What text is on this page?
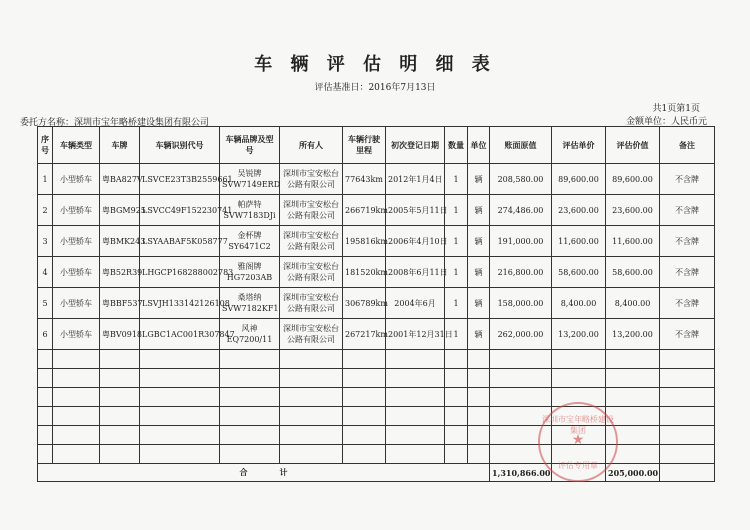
车 辆 评 估 明 细 表
评估基准日：2016年7月13日
共1页第1页
委托方名称：深圳市宝年略桥建设集团有限公司	金额单位：人民币元
序号	车辆类型	车牌	车辆识别代号	车辆品牌及型号	所有人	车辆行驶里程	初次登记日期	数量	单位	账面原值	评估单价	评估价值	备注
1	小型轿车	粤BA827V	LSVCE23T3B2559661	吴锐牌SVW7149ERD	深圳市宝安松台公路有限公司	77643km	2012年1月4日	1	辆	208,580.00	89,600.00	89,600.00	不含牌
2	小型轿车	粤BGM925	LSVCC49F152230741	帕萨特SVW7183DJi	深圳市宝安松台公路有限公司	266719km	2005年5月11日	1	辆	274,486.00	23,600.00	23,600.00	不含牌
3	小型轿车	粤BMK243	LSYAABAF5K058777	金杯牌SY6471C2	深圳市宝安松台公路有限公司	195816km	2006年4月10日	1	辆	191,000.00	11,600.00	11,600.00	不含牌
4	小型轿车	粤B52R39	LHGCP168288002783	雅阁牌HG7203AB	深圳市宝安松台公路有限公司	181520km	2008年6月11日	1	辆	216,800.00	58,600.00	58,600.00	不含牌
5	小型轿车	粤BBF537	LSVJH133142126108	桑塔纳SVW7182KF1	深圳市宝安松台公路有限公司	306789km	2004年6月	1	辆	158,000.00	8,400.00	8,400.00	不含牌
6	小型轿车	粤BV0918	LGBC1AC001R307847	风神EQ7200/11	深圳市宝安松台公路有限公司	267217km	2001年12月31日	1	辆	262,000.00	13,200.00	13,200.00	不含牌

合　　　　计										1,310,866.00		205,000.00	
深圳市宝年略桥建设集团
★
评估专用章
